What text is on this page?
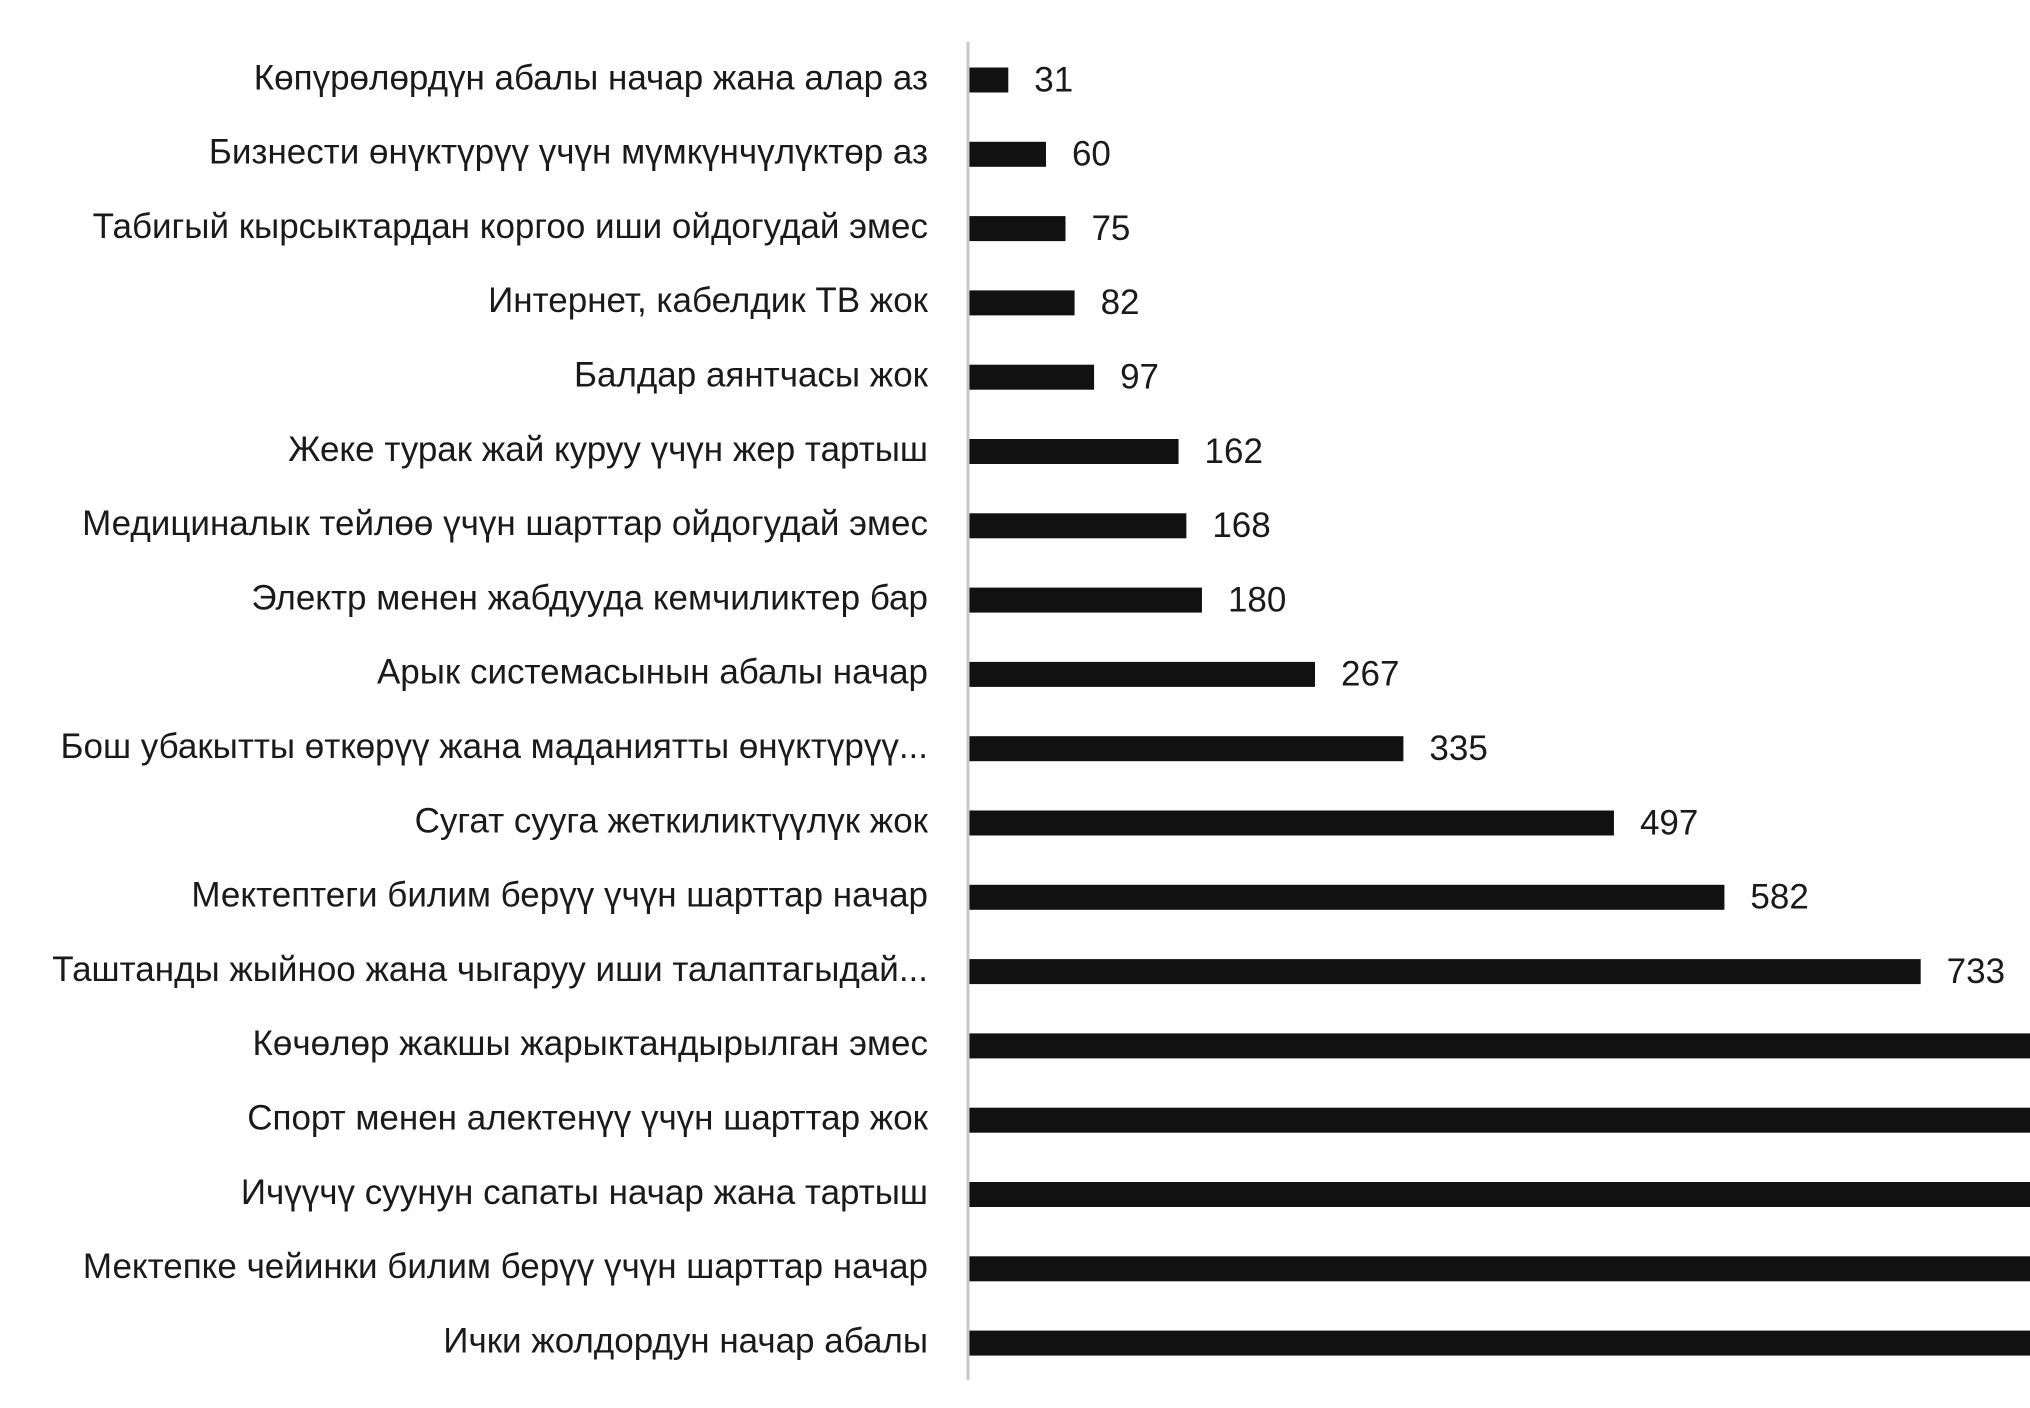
Көпүрөлөрдүн абалы начар жана алар аз
Бизнести өнүктүрүү үчүн мүмкүнчүлүктөр аз
Табигый кырсыктардан коргоо иши ойдогудай эмес
Интернет, кабелдик ТВ жок
Балдар аянтчасы жок
Жеке турак жай куруу үчүн жер тартыш
Медициналык тейлөө үчүн шарттар ойдогудай эмес
Электр менен жабдууда кемчиликтер бар
Арык системасынын абалы начар
Бош убакытты өткөрүү жана маданиятты өнүктүрүү...
Сугат сууга жеткиликтүүлүк жок
Мектептеги билим берүү үчүн шарттар начар
Таштанды жыйноо жана чыгаруу иши талаптагыдай...
Көчөлөр жакшы жарыктандырылган эмес
Спорт менен алектенүү үчүн шарттар жок
Ичүүчү суунун сапаты начар жана тартыш
Мектепке чейинки билим берүү үчүн шарттар начар
Ички жолдордун начар абалы
31
60
75
82
97
162
168
180
267
335
497
582
733
